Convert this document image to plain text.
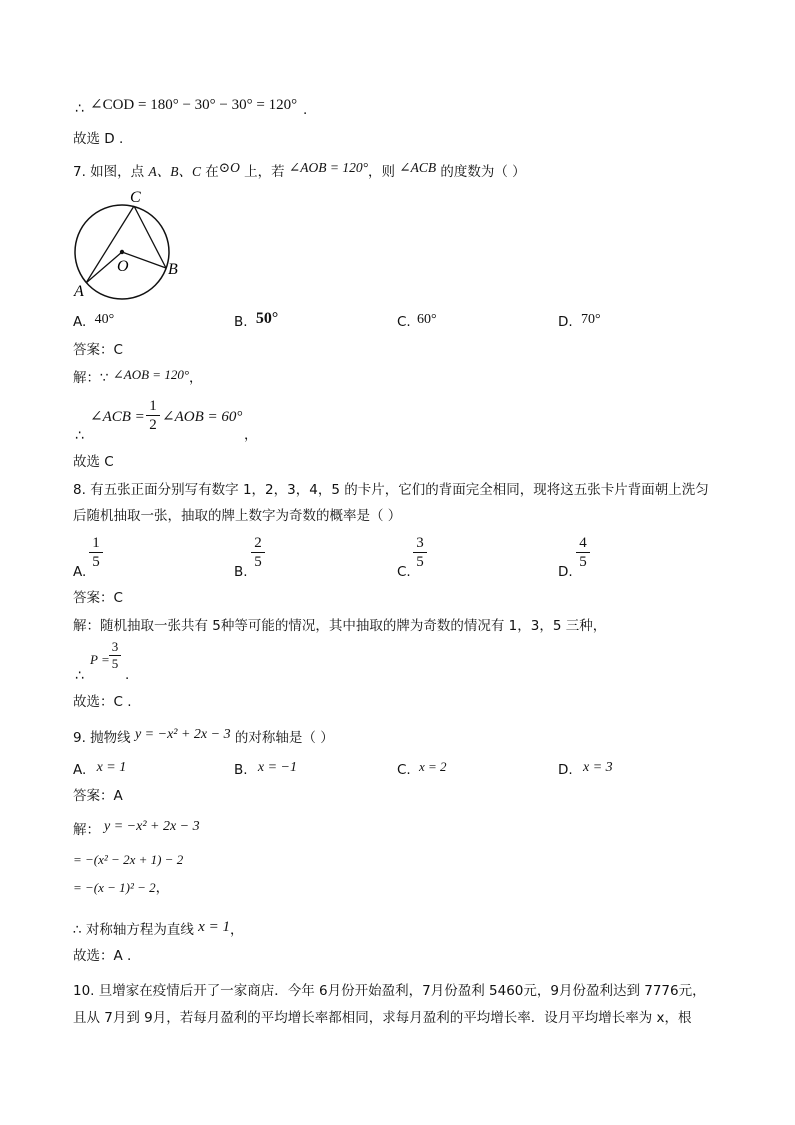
∴ ∠COD = 180° − 30° − 30° = 120° .
故选 D .
7. 如图，点 A、B、C 在⊙O 上，若 ∠AOB = 120°，则 ∠ACB 的度数为（ ）
C
O
A
B
A. 40°	B. 50°	C. 60°	D. 70°
答案：C
解：∵ ∠AOB = 120°，
∴
∠ACB =
1
2 ∠AOB = 60°
，
故选 C
8. 有五张正面分别写有数字 1，2，3，4，5 的卡片，它们的背面完全相同，现将这五张卡片背面朝上洗匀
后随机抽取一张，抽取的牌上数字为奇数的概率是（ ）
A.
1
5
B.
2
5
C.
3
5
D.
4
5
答案：C
解：随机抽取一张共有 5种等可能的情况，其中抽取的牌为奇数的情况有 1，3，5 三种，
∴
P =
3
5
.
故选：C .
9. 抛物线 y = −x² + 2x − 3 的对称轴是（ ）
A. x = 1	B. x = −1	C. x = 2	D. x = 3
答案：A
解： y = −x² + 2x − 3
= −(x² − 2x + 1) − 2
= −(x − 1)² − 2，
∴ 对称轴方程为直线 x = 1，
故选：A .
10. 旦增家在疫情后开了一家商店．今年 6月份开始盈利，7月份盈利 5460元，9月份盈利达到 7776元，
且从 7月到 9月，若每月盈利的平均增长率都相同，求每月盈利的平均增长率．设月平均增长率为 x，根
